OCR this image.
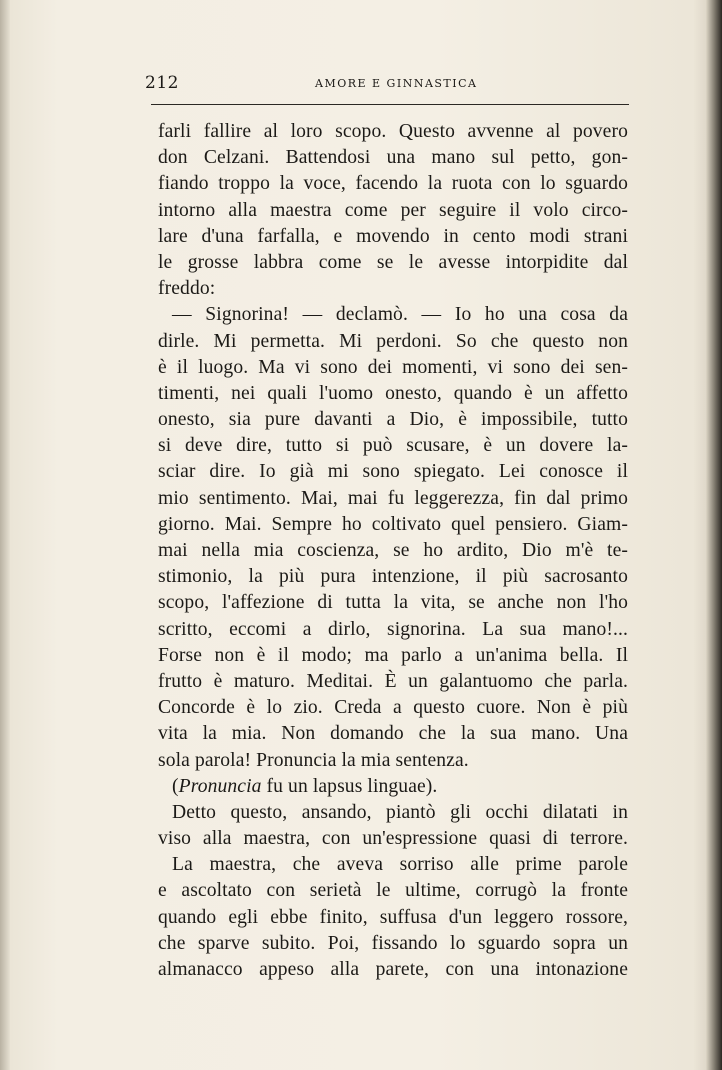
212	AMORE E GINNASTICA
farli fallire al loro scopo. Questo avvenne al povero
don Celzani. Battendosi una mano sul petto, gon-
fiando troppo la voce, facendo la ruota con lo sguardo
intorno alla maestra come per seguire il volo circo-
lare d'una farfalla, e movendo in cento modi strani
le grosse labbra come se le avesse intorpidite dal
freddo:
— Signorina! — declamò. — Io ho una cosa da
dirle. Mi permetta. Mi perdoni. So che questo non
è il luogo. Ma vi sono dei momenti, vi sono dei sen-
timenti, nei quali l'uomo onesto, quando è un affetto
onesto, sia pure davanti a Dio, è impossibile, tutto
si deve dire, tutto si può scusare, è un dovere la-
sciar dire. Io già mi sono spiegato. Lei conosce il
mio sentimento. Mai, mai fu leggerezza, fin dal primo
giorno. Mai. Sempre ho coltivato quel pensiero. Giam-
mai nella mia coscienza, se ho ardito, Dio m'è te-
stimonio, la più pura intenzione, il più sacrosanto
scopo, l'affezione di tutta la vita, se anche non l'ho
scritto, eccomi a dirlo, signorina. La sua mano!...
Forse non è il modo; ma parlo a un'anima bella. Il
frutto è maturo. Meditai. È un galantuomo che parla.
Concorde è lo zio. Creda a questo cuore. Non è più
vita la mia. Non domando che la sua mano. Una
sola parola! Pronuncia la mia sentenza.
(Pronuncia fu un lapsus linguae).
Detto questo, ansando, piantò gli occhi dilatati in
viso alla maestra, con un'espressione quasi di terrore.
La maestra, che aveva sorriso alle prime parole
e ascoltato con serietà le ultime, corrugò la fronte
quando egli ebbe finito, suffusa d'un leggero rossore,
che sparve subito. Poi, fissando lo sguardo sopra un
almanacco appeso alla parete, con una intonazione
